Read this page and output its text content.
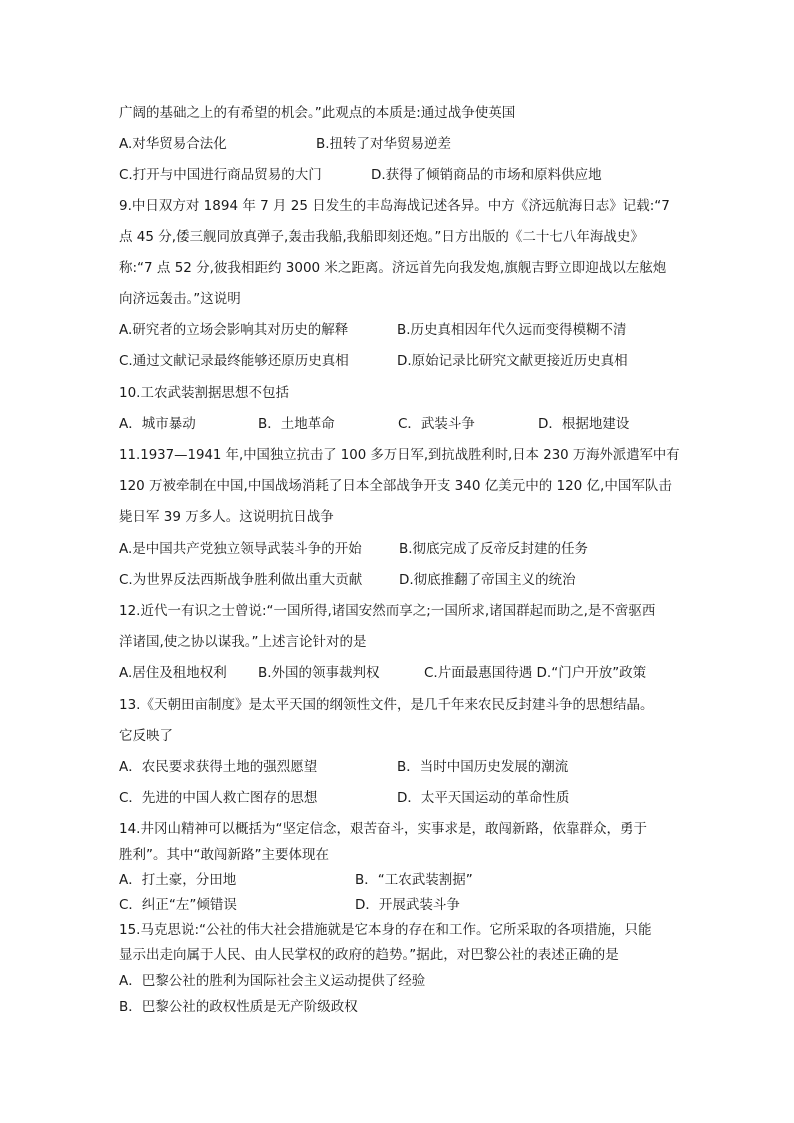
广阔的基础之上的有希望的机会。”此观点的本质是:通过战争使英国
A.对华贸易合法化	B.扭转了对华贸易逆差
C.打开与中国进行商品贸易的大门	D.获得了倾销商品的市场和原料供应地
9.中日双方对 1894 年 7 月 25 日发生的丰岛海战记述各异。中方《济远航海日志》记载:“7
点 45 分,倭三舰同放真弹子,轰击我船,我船即刻还炮。”日方出版的《二十七八年海战史》
称:“7 点 52 分,彼我相距约 3000 米之距离。济远首先向我发炮,旗舰吉野立即迎战以左舷炮
向济远轰击。”这说明
A.研究者的立场会影响其对历史的解释	B.历史真相因年代久远而变得模糊不清
C.通过文献记录最终能够还原历史真相	D.原始记录比研究文献更接近历史真相
10.工农武装割据思想不包括
A．城市暴动	B．土地革命	C．武装斗争	D．根据地建设
11.1937—1941 年,中国独立抗击了 100 多万日军,到抗战胜利时,日本 230 万海外派遣军中有
120 万被牵制在中国,中国战场消耗了日本全部战争开支 340 亿美元中的 120 亿,中国军队击
毙日军 39 万多人。这说明抗日战争
A.是中国共产党独立领导武装斗争的开始	B.彻底完成了反帝反封建的任务
C.为世界反法西斯战争胜利做出重大贡献	D.彻底推翻了帝国主义的统治
12.近代一有识之士曾说:“一国所得,诸国安然而享之;一国所求,诸国群起而助之,是不啻驱西
洋诸国,使之协以谋我。”上述言论针对的是
A.居住及租地权利 B.外国的领事裁判权	C.片面最惠国待遇 D.“门户开放”政策
13.《天朝田亩制度》是太平天国的纲领性文件，是几千年来农民反封建斗争的思想结晶。
它反映了
A．农民要求获得土地的强烈愿望	B．当时中国历史发展的潮流
C．先进的中国人救亡图存的思想	D．太平天国运动的革命性质
14.井冈山精神可以概括为“坚定信念，艰苦奋斗，实事求是，敢闯新路，依靠群众，勇于
胜利”。其中“敢闯新路”主要体现在
A．打土豪，分田地	B．“工农武装割据”
C．纠正“左”倾错误	D．开展武装斗争
15.马克思说:“公社的伟大社会措施就是它本身的存在和工作。它所采取的各项措施，只能
显示出走向属于人民、由人民掌权的政府的趋势。”据此，对巴黎公社的表述正确的是
A．巴黎公社的胜利为国际社会主义运动提供了经验
B．巴黎公社的政权性质是无产阶级政权
